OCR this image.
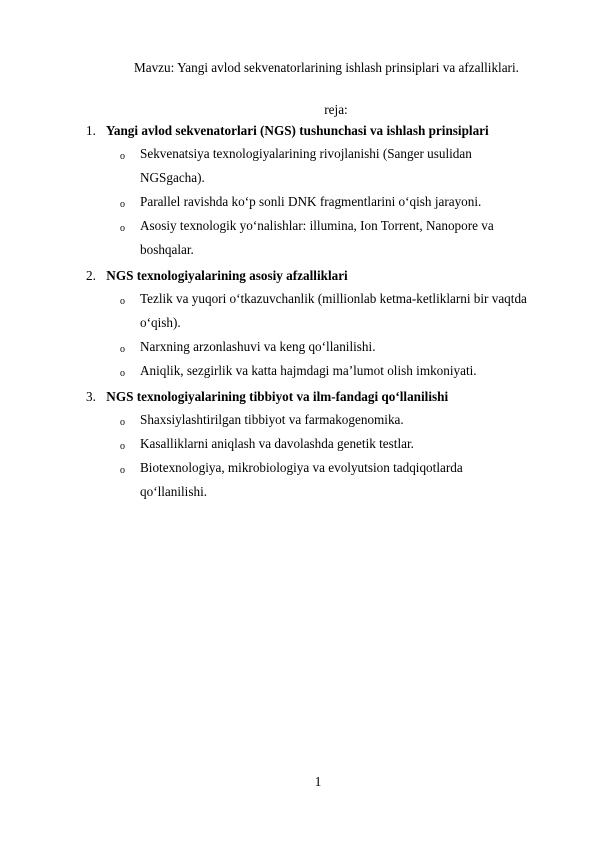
Mavzu: Yangi avlod sekvenatorlarining ishlash prinsiplari va afzalliklari.
reja:
1. Yangi avlod sekvenatorlari (NGS) tushunchasi va ishlash prinsiplari
o Sekvenatsiya texnologiyalarining rivojlanishi (Sanger usulidan NGSgacha).
o Parallel ravishda ko‘p sonli DNK fragmentlarini o‘qish jarayoni.
o Asosiy texnologik yo‘nalishlar: illumina, Ion Torrent, Nanopore va boshqalar.
2. NGS texnologiyalarining asosiy afzalliklari
o Tezlik va yuqori o‘tkazuvchanlik (millionlab ketma-ketliklarni bir vaqtda o‘qish).
o Narxning arzonlashuvi va keng qo‘llanilishi.
o Aniqlik, sezgirlik va katta hajmdagi ma’lumot olish imkoniyati.
3. NGS texnologiyalarining tibbiyot va ilm-fandagi qo‘llanilishi
o Shaxsiylashtirilgan tibbiyot va farmakogenomika.
o Kasalliklarni aniqlash va davolashda genetik testlar.
o Biotexnologiya, mikrobiologiya va evolyutsion tadqiqotlarda qo‘llanilishi.
1
